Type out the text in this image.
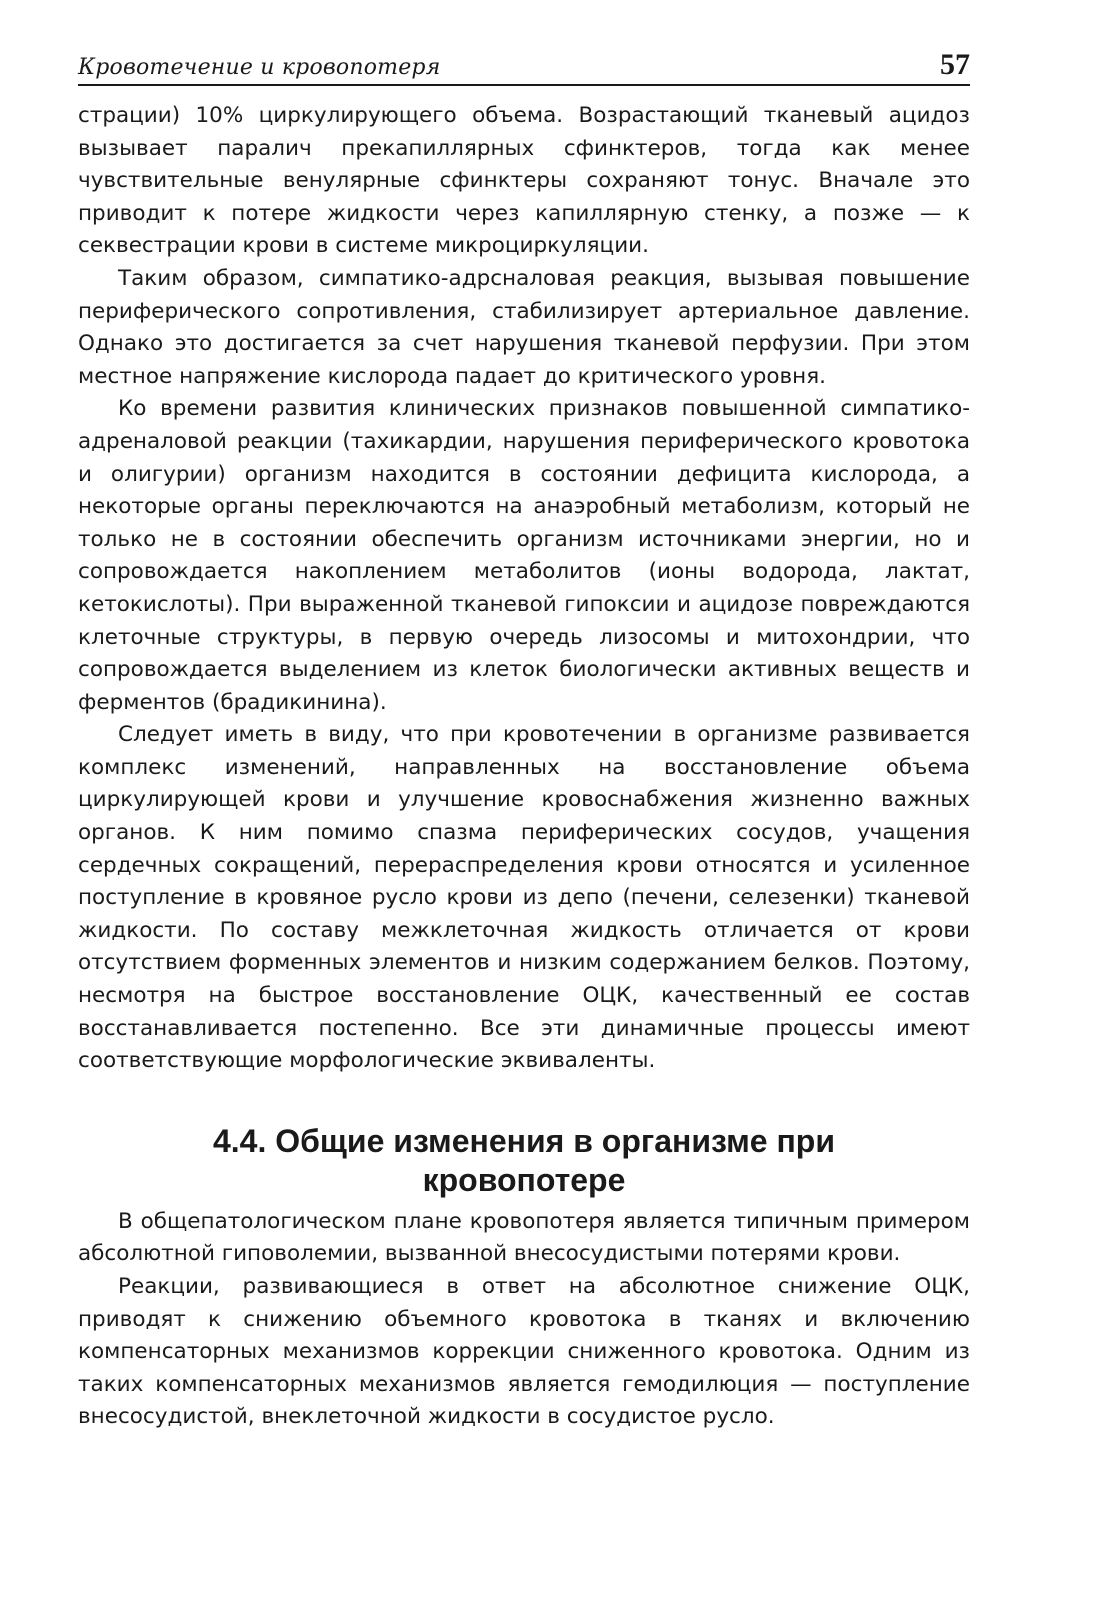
Кровотечение и кровопотеря	57

страции) 10% циркулирующего объема. Возрастающий тканевый ацидоз вызывает паралич прекапиллярных сфинктеров, тогда как менее чувствительные венулярные сфинктеры сохраняют тонус. Вначале это приводит к потере жидкости через капиллярную стенку, а позже — к секвестрации крови в системе микроциркуляции.

Таким образом, симпатико-адрсналовая реакция, вызывая повышение периферического сопротивления, стабилизирует артериальное давление. Однако это достигается за счет нарушения тканевой перфузии. При этом местное напряжение кислорода падает до критического уровня.

Ко времени развития клинических признаков повышенной симпатико-адреналовой реакции (тахикардии, нарушения периферического кровотока и олигурии) организм находится в состоянии дефицита кислорода, а некоторые органы переключаются на анаэробный метаболизм, который не только не в состоянии обеспечить организм источниками энергии, но и сопровождается накоплением метаболитов (ионы водорода, лактат, кетокислоты). При выраженной тканевой гипоксии и ацидозе повреждаются клеточные структуры, в первую очередь лизосомы и митохондрии, что сопровождается выделением из клеток биологически активных веществ и ферментов (брадикинина).

Следует иметь в виду, что при кровотечении в организме развивается комплекс изменений, направленных на восстановление объема циркулирующей крови и улучшение кровоснабжения жизненно важных органов. К ним помимо спазма периферических сосудов, учащения сердечных сокращений, перераспределения крови относятся и усиленное поступление в кровяное русло крови из депо (печени, селезенки) тканевой жидкости. По составу межклеточная жидкость отличается от крови отсутствием форменных элементов и низким содержанием белков. Поэтому, несмотря на быстрое восстановление ОЦК, качественный ее состав восстанавливается постепенно. Все эти динамичные процессы имеют соответствующие морфологические эквиваленты.

4.4. Общие изменения в организме при кровопотере

В общепатологическом плане кровопотеря является типичным примером абсолютной гиповолемии, вызванной внесосудистыми потерями крови.

Реакции, развивающиеся в ответ на абсолютное снижение ОЦК, приводят к снижению объемного кровотока в тканях и включению компенсаторных механизмов коррекции сниженного кровотока. Одним из таких компенсаторных механизмов является гемодилюция — поступление внесосудистой, внеклеточной жидкости в сосудистое русло.
